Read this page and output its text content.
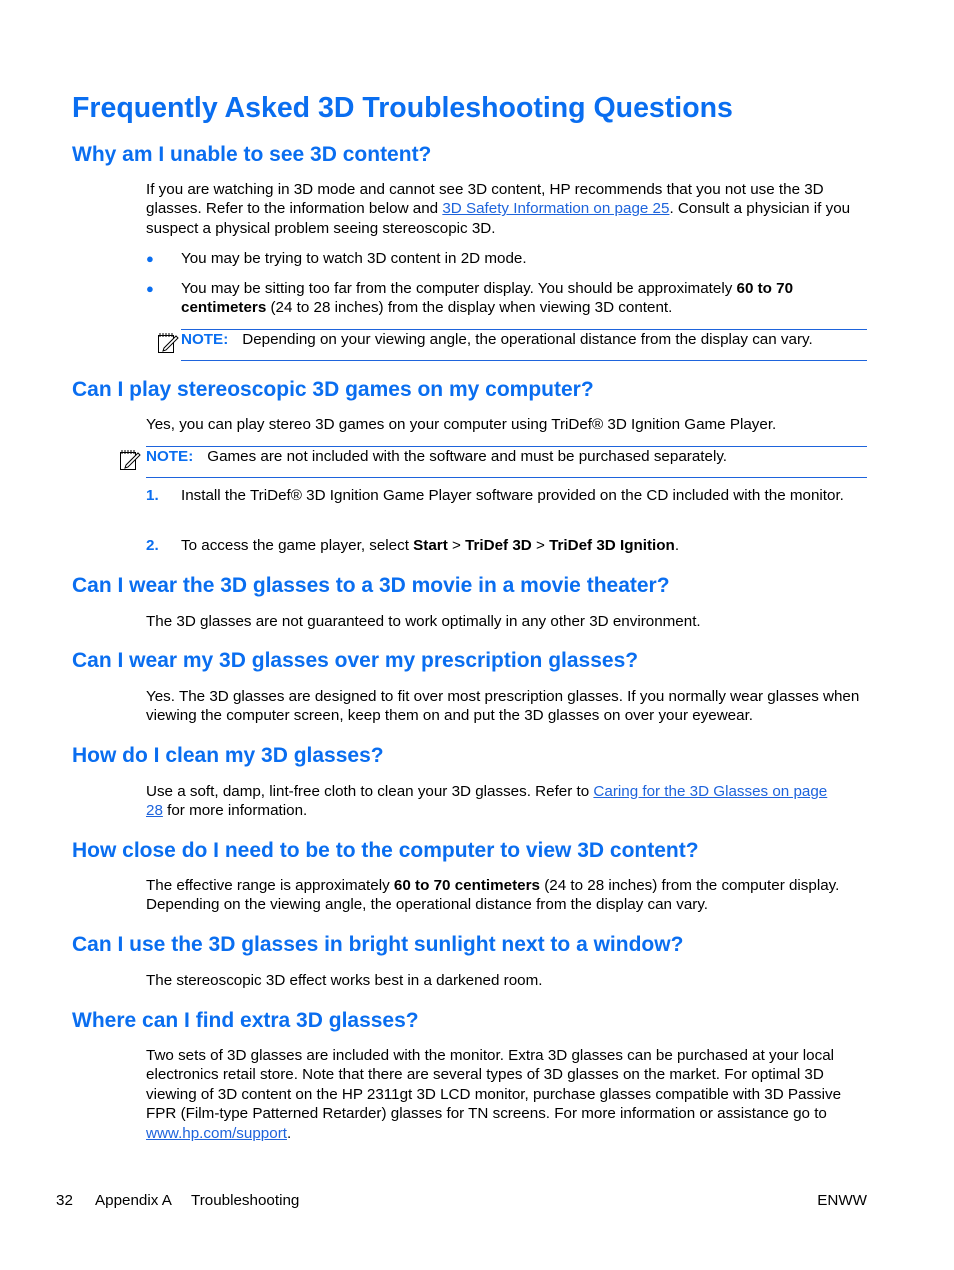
Frequently Asked 3D Troubleshooting Questions
Why am I unable to see 3D content?

If you are watching in 3D mode and cannot see 3D content, HP recommends that you not use the 3D glasses. Refer to the information below and 3D Safety Information on page 25. Consult a physician if you suspect a physical problem seeing stereoscopic 3D.

● You may be trying to watch 3D content in 2D mode.

● You may be sitting too far from the computer display. You should be approximately 60 to 70 centimeters (24 to 28 inches) from the display when viewing 3D content.

NOTE: Depending on your viewing angle, the operational distance from the display can vary.
Can I play stereoscopic 3D games on my computer?

Yes, you can play stereo 3D games on your computer using TriDef® 3D Ignition Game Player.

NOTE: Games are not included with the software and must be purchased separately.
1. Install the TriDef® 3D Ignition Game Player software provided on the CD included with the monitor.

2. To access the game player, select Start > TriDef 3D > TriDef 3D Ignition.

Can I wear the 3D glasses to a 3D movie in a movie theater?

The 3D glasses are not guaranteed to work optimally in any other 3D environment.

Can I wear my 3D glasses over my prescription glasses?

Yes. The 3D glasses are designed to fit over most prescription glasses. If you normally wear glasses when viewing the computer screen, keep them on and put the 3D glasses on over your eyewear.

How do I clean my 3D glasses?

Use a soft, damp, lint-free cloth to clean your 3D glasses. Refer to Caring for the 3D Glasses on page 28 for more information.

How close do I need to be to the computer to view 3D content?

The effective range is approximately 60 to 70 centimeters (24 to 28 inches) from the computer display. Depending on the viewing angle, the operational distance from the display can vary.

Can I use the 3D glasses in bright sunlight next to a window?

The stereoscopic 3D effect works best in a darkened room.

Where can I find extra 3D glasses?

Two sets of 3D glasses are included with the monitor. Extra 3D glasses can be purchased at your local electronics retail store. Note that there are several types of 3D glasses on the market. For optimal 3D viewing of 3D content on the HP 2311gt 3D LCD monitor, purchase glasses compatible with 3D Passive FPR (Film-type Patterned Retarder) glasses for TN screens. For more information or assistance go to www.hp.com/support.

32 Appendix A Troubleshooting	ENWW
